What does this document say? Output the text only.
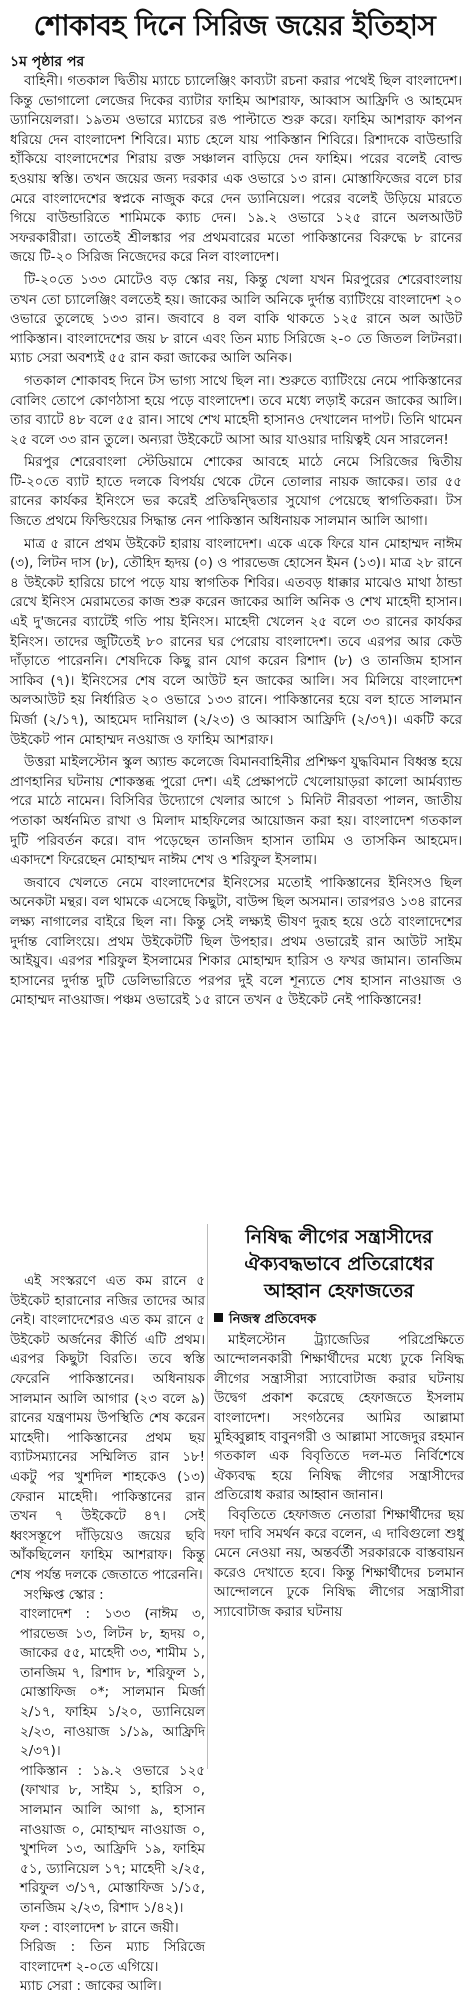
শোকাবহ দিনে সিরিজ জয়ের ইতিহাস
১ম পৃষ্ঠার পর

বাহিনী। গতকাল দ্বিতীয় ম্যাচে চ্যালেঞ্জিং কাব্যটা রচনা করার পথেই ছিল বাংলাদেশ। কিন্তু ভোগালো লেজের দিকের ব্যাটার ফাহিম আশরাফ, আব্বাস আফ্রিদি ও আহমেদ ড্যানিয়েলরা। ১৯তম ওভারে ম্যাচের রঙ পাল্টাতে শুরু করে। ফাহিম আশরাফ কাপন ধরিয়ে দেন বাংলাদেশ শিবিরে। ম্যাচ হেলে যায় পাকিস্তান শিবিরে। রিশাদকে বাউন্ডারি হাঁকিয়ে বাংলাদেশের শিরায় রক্ত সঞ্চালন বাড়িয়ে দেন ফাহিম। পরের বলেই বোল্ড হওয়ায় স্বস্তি। তখন জয়ের জন্য দরকার এক ওভারে ১৩ রান। মোস্তাফিজের বলে চার মেরে বাংলাদেশের স্বপ্নকে নাজুক করে দেন ড্যানিয়েল। পরের বলেই উড়িয়ে মারতে গিয়ে বাউন্ডারিতে শামিমকে ক্যাচ দেন। ১৯.২ ওভারে ১২৫ রানে অলআউট সফরকারীরা। তাতেই শ্রীলঙ্কার পর প্রথমবারের মতো পাকিস্তানের বিরুদ্ধে ৮ রানের জয়ে টি-২০ সিরিজ নিজেদের করে নিল বাংলাদেশ।

টি-২০তে ১৩৩ মোটেও বড় স্কোর নয়, কিন্তু খেলা যখন মিরপুরের শেরেবাংলায় তখন তো চ্যালেঞ্জিং বলতেই হয়। জাকের আলি অনিকে দুর্দান্ত ব্যাটিংয়ে বাংলাদেশ ২০ ওভারে তুলেছে ১৩৩ রান। জবাবে ৪ বল বাকি থাকতে ১২৫ রানে অল আউট পাকিস্তান। বাংলাদেশের জয় ৮ রানে এবং তিন ম্যাচ সিরিজে ২-০ তে জিতল লিটনরা। ম্যাচ সেরা অবশ্যই ৫৫ রান করা জাকের আলি অনিক।

গতকাল শোকাবহ দিনে টস ভাগ্য সাথে ছিল না। শুরুতে ব্যাটিংয়ে নেমে পাকিস্তানের বোলিং তোপে কোণঠাসা হয়ে পড়ে বাংলাদেশ। তবে মধ্যে লড়াই করেন জাকের আলি। তার ব্যাটে ৪৮ বলে ৫৫ রান। সাথে শেখ মাহেদী হাসানও দেখালেন দাপট। তিনি থামেন ২৫ বলে ৩৩ রান তুলে। অন্যরা উইকেটে আসা আর যাওয়ার দায়িত্বই যেন সারলেন!

মিরপুর শেরেবাংলা স্টেডিয়ামে শোকের আবহে মাঠে নেমে সিরিজের দ্বিতীয় টি-২০তে ব্যাট হাতে দলকে বিপর্যয় থেকে টেনে তোলার নায়ক জাকের। তার ৫৫ রানের কার্যকর ইনিংসে ভর করেই প্রতিদ্বন্দ্বিতার সুযোগ পেয়েছে স্বাগতিকরা। টস জিতে প্রথমে ফিল্ডিংয়ের সিদ্ধান্ত নেন পাকিস্তান অধিনায়ক সালমান আলি আগা।

মাত্র ৫ রানে প্রথম উইকেট হারায় বাংলাদেশ। একে একে ফিরে যান মোহাম্মদ নাঈম (৩), লিটন দাস (৮), তৌহিদ হৃদয় (০) ও পারভেজ হোসেন ইমন (১৩)। মাত্র ২৮ রানে ৪ উইকেট হারিয়ে চাপে পড়ে যায় স্বাগতিক শিবির। এতবড় ধাক্কার মাঝেও মাথা ঠান্ডা রেখে ইনিংস মেরামতের কাজ শুরু করেন জাকের আলি অনিক ও শেখ মাহেদী হাসান। এই দু'জনের ব্যাটেই গতি পায় ইনিংস। মাহেদী খেলেন ২৫ বলে ৩৩ রানের কার্যকর ইনিংস। তাদের জুটিতেই ৮০ রানের ঘর পেরোয় বাংলাদেশ। তবে এরপর আর কেউ দাঁড়াতে পারেননি। শেষদিকে কিছু রান যোগ করেন রিশাদ (৮) ও তানজিম হাসান সাকিব (৭)। ইনিংসের শেষ বলে আউট হন জাকের আলি। সব মিলিয়ে বাংলাদেশ অলআউট হয় নির্ধারিত ২০ ওভারে ১৩৩ রানে। পাকিস্তানের হয়ে বল হাতে সালমান মির্জা (২/১৭), আহমেদ দানিয়াল (২/২৩) ও আব্বাস আফ্রিদি (২/৩৭)। একটি করে উইকেট পান মোহাম্মদ নওয়াজ ও ফাহিম আশরাফ।

উত্তরা মাইলস্টোন স্কুল অ্যান্ড কলেজে বিমানবাহিনীর প্রশিক্ষণ যুদ্ধবিমান বিধ্বস্ত হয়ে প্রাণহানির ঘটনায় শোকস্তব্ধ পুরো দেশ। এই প্রেক্ষাপটে খেলোয়াড়রা কালো আর্মব্যান্ড পরে মাঠে নামেন। বিসিবির উদ্যোগে খেলার আগে ১ মিনিট নীরবতা পালন, জাতীয় পতাকা অর্ধনমিত রাখা ও মিলাদ মাহফিলের আয়োজন করা হয়। বাংলাদেশ গতকাল দুটি পরিবর্তন করে। বাদ পড়েছেন তানজিদ হাসান তামিম ও তাসকিন আহমেদ। একাদশে ফিরেছেন মোহাম্মদ নাঈম শেখ ও শরিফুল ইসলাম।

জবাবে খেলতে নেমে বাংলাদেশের ইনিংসের মতোই পাকিস্তানের ইনিংসও ছিল অনেকটা মন্থর। বল থামকে এসেছে কিছুটা, বাউন্স ছিল অসমান। তারপরও ১৩৪ রানের লক্ষ্য নাগালের বাইরে ছিল না। কিন্তু সেই লক্ষ্যই ভীষণ দুরূহ হয়ে ওঠে বাংলাদেশের দুর্দান্ত বোলিংয়ে। প্রথম উইকেটটি ছিল উপহার। প্রথম ওভারেই রান আউট সাইম আইয়ুব। এরপর শরিফুল ইসলামের শিকার মোহাম্মদ হারিস ও ফখর জামান। তানজিম হাসানের দুর্দান্ত দুটি ডেলিভারিতে পরপর দুই বলে শূন্যতে শেষ হাসান নাওয়াজ ও মোহাম্মদ নাওয়াজ। পঞ্চম ওভারেই ১৫ রানে তখন ৫ উইকেট নেই পাকিস্তানের!

এই সংস্করণে এত কম রানে ৫ উইকেট হারানোর নজির তাদের আর নেই। বাংলাদেশেরও এত কম রানে ৫ উইকেট অর্জনের কীর্তি এটি প্রথম। এরপর কিছুটা বিরতি। তবে স্বস্তি ফেরেনি পাকিস্তানের। অধিনায়ক সালমান আলি আগার (২৩ বলে ৯) রানের যন্ত্রণাময় উপস্থিতি শেষ করেন মাহেদী। পাকিস্তানের প্রথম ছয় ব্যাটসম্যানের সম্মিলিত রান ১৮! একটু পর খুশদিল শাহকেও (১৩) ফেরান মাহেদী। পাকিস্তানের রান তখন ৭ উইকেটে ৪৭। সেই ধ্বংসস্তূপে দাঁড়িয়েও জয়ের ছবি আঁকছিলেন ফাহিম আশরাফ। কিন্তু শেষ পর্যন্ত দলকে জেতাতে পারেননি।

সংক্ষিপ্ত স্কোর :

বাংলাদেশ : ১৩৩ (নাঈম ৩, পারভেজ ১৩, লিটন ৮, হৃদয় ০, জাকের ৫৫, মাহেদী ৩৩, শামীম ১, তানজিম ৭, রিশাদ ৮, শরিফুল ১, মোস্তাফিজ ০*; সালমান মির্জা ২/১৭, ফাহিম ১/২০, ড্যানিয়েল ২/২৩, নাওয়াজ ১/১৯, আফ্রিদি ২/৩৭)।

পাকিস্তান : ১৯.২ ওভারে ১২৫ (ফাখার ৮, সাইম ১, হারিস ০, সালমান আলি আগা ৯, হাসান নাওয়াজ ০, মোহাম্মদ নাওয়াজ ০, খুশদিল ১৩, আফ্রিদি ১৯, ফাহিম ৫১, ড্যানিয়েল ১৭; মাহেদী ২/২৫, শরিফুল ৩/১৭, মোস্তাফিজ ১/১৫, তানজিম ২/২৩, রিশাদ ১/৪২)।

ফল : বাংলাদেশ ৮ রানে জয়ী।

সিরিজ : তিন ম্যাচ সিরিজে বাংলাদেশ ২-০তে এগিয়ে।

ম্যাচ সেরা : জাকের আলি।

নিষিদ্ধ লীগের সন্ত্রাসীদের ঐক্যবদ্ধভাবে প্রতিরোধের আহ্বান হেফাজতের
নিজস্ব প্রতিবেদক

মাইলস্টোন ট্র্যাজেডির পরিপ্রেক্ষিতে আন্দোলনকারী শিক্ষার্থীদের মধ্যে ঢুকে নিষিদ্ধ লীগের সন্ত্রাসীরা স্যাবোটাজ করার ঘটনায় উদ্বেগ প্রকাশ করেছে হেফাজতে ইসলাম বাংলাদেশ। সংগঠনের আমির আল্লামা মুহিব্বুল্লাহ বাবুনগরী ও আল্লামা সাজেদুর রহমান গতকাল এক বিবৃতিতে দল-মত নির্বিশেষে ঐক্যবদ্ধ হয়ে নিষিদ্ধ লীগের সন্ত্রাসীদের প্রতিরোধ করার আহ্বান জানান।

বিবৃতিতে হেফাজত নেতারা শিক্ষার্থীদের ছয় দফা দাবি সমর্থন করে বলেন, এ দাবিগুলো শুধু মেনে নেওয়া নয়, অন্তর্বর্তী সরকারকে বাস্তবায়ন করেও দেখাতে হবে। কিন্তু শিক্ষার্থীদের চলমান আন্দোলনে ঢুকে নিষিদ্ধ লীগের সন্ত্রাসীরা স্যাবোটাজ করার ঘটনায়
